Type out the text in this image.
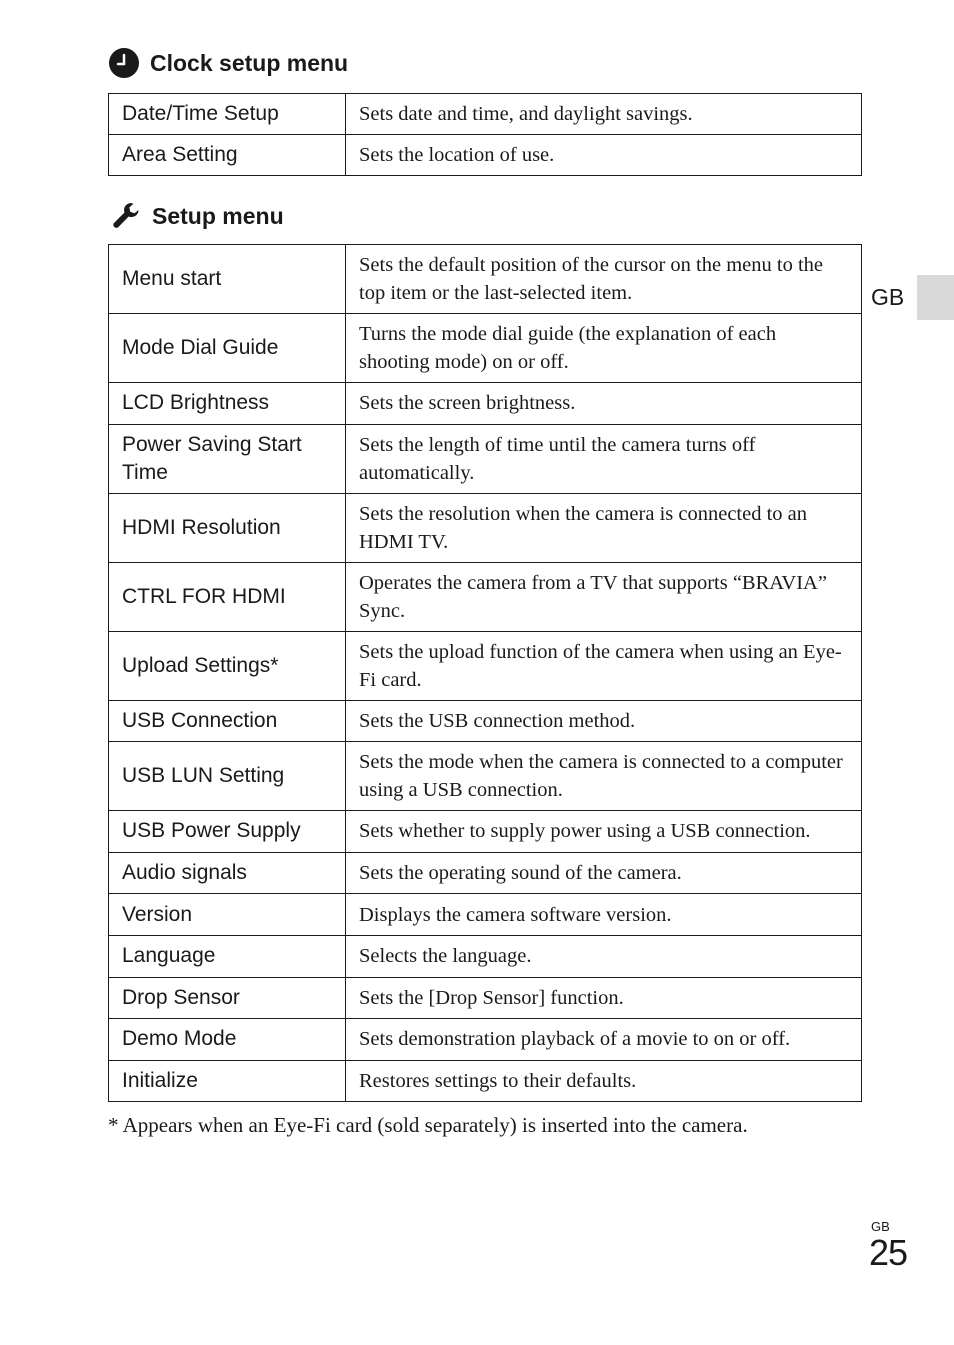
Clock setup menu
Date/Time Setup	Sets date and time, and daylight savings.
Area Setting	Sets the location of use.
Setup menu
Menu start	Sets the default position of the cursor on the menu to the top item or the last-selected item.
Mode Dial Guide	Turns the mode dial guide (the explanation of each shooting mode) on or off.
LCD Brightness	Sets the screen brightness.
Power Saving Start Time	Sets the length of time until the camera turns off automatically.
HDMI Resolution	Sets the resolution when the camera is connected to an HDMI TV.
CTRL FOR HDMI	Operates the camera from a TV that supports “BRAVIA” Sync.
Upload Settings*	Sets the upload function of the camera when using an Eye-Fi card.
USB Connection	Sets the USB connection method.
USB LUN Setting	Sets the mode when the camera is connected to a computer using a USB connection.
USB Power Supply	Sets whether to supply power using a USB connection.
Audio signals	Sets the operating sound of the camera.
Version	Displays the camera software version.
Language	Selects the language.
Drop Sensor	Sets the [Drop Sensor] function.
Demo Mode	Sets demonstration playback of a movie to on or off.
Initialize	Restores settings to their defaults.
* Appears when an Eye-Fi card (sold separately) is inserted into the camera.
GB
GB
25
